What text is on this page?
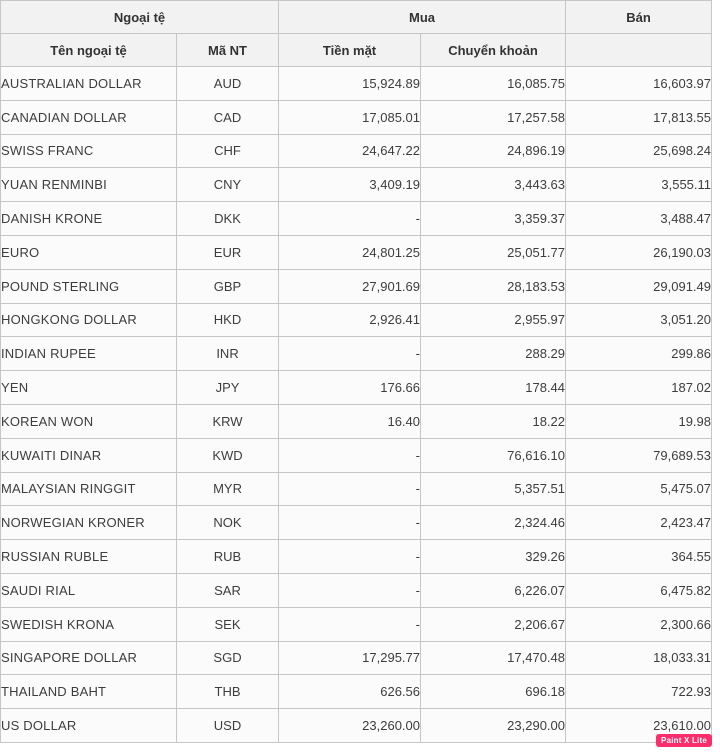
Ngoại tệ		Mua		Bán
Tên ngoại tệ	Mã NT	Tiền mặt	Chuyển khoản	
AUSTRALIAN DOLLAR	AUD	15,924.89	16,085.75	16,603.97
CANADIAN DOLLAR	CAD	17,085.01	17,257.58	17,813.55
SWISS FRANC	CHF	24,647.22	24,896.19	25,698.24
YUAN RENMINBI	CNY	3,409.19	3,443.63	3,555.11
DANISH KRONE	DKK	-	3,359.37	3,488.47
EURO	EUR	24,801.25	25,051.77	26,190.03
POUND STERLING	GBP	27,901.69	28,183.53	29,091.49
HONGKONG DOLLAR	HKD	2,926.41	2,955.97	3,051.20
INDIAN RUPEE	INR	-	288.29	299.86
YEN	JPY	176.66	178.44	187.02
KOREAN WON	KRW	16.40	18.22	19.98
KUWAITI DINAR	KWD	-	76,616.10	79,689.53
MALAYSIAN RINGGIT	MYR	-	5,357.51	5,475.07
NORWEGIAN KRONER	NOK	-	2,324.46	2,423.47
RUSSIAN RUBLE	RUB	-	329.26	364.55
SAUDI RIAL	SAR	-	6,226.07	6,475.82
SWEDISH KRONA	SEK	-	2,206.67	2,300.66
SINGAPORE DOLLAR	SGD	17,295.77	17,470.48	18,033.31
THAILAND BAHT	THB	626.56	696.18	722.93
US DOLLAR	USD	23,260.00	23,290.00	23,610.00
Paint X Lite
